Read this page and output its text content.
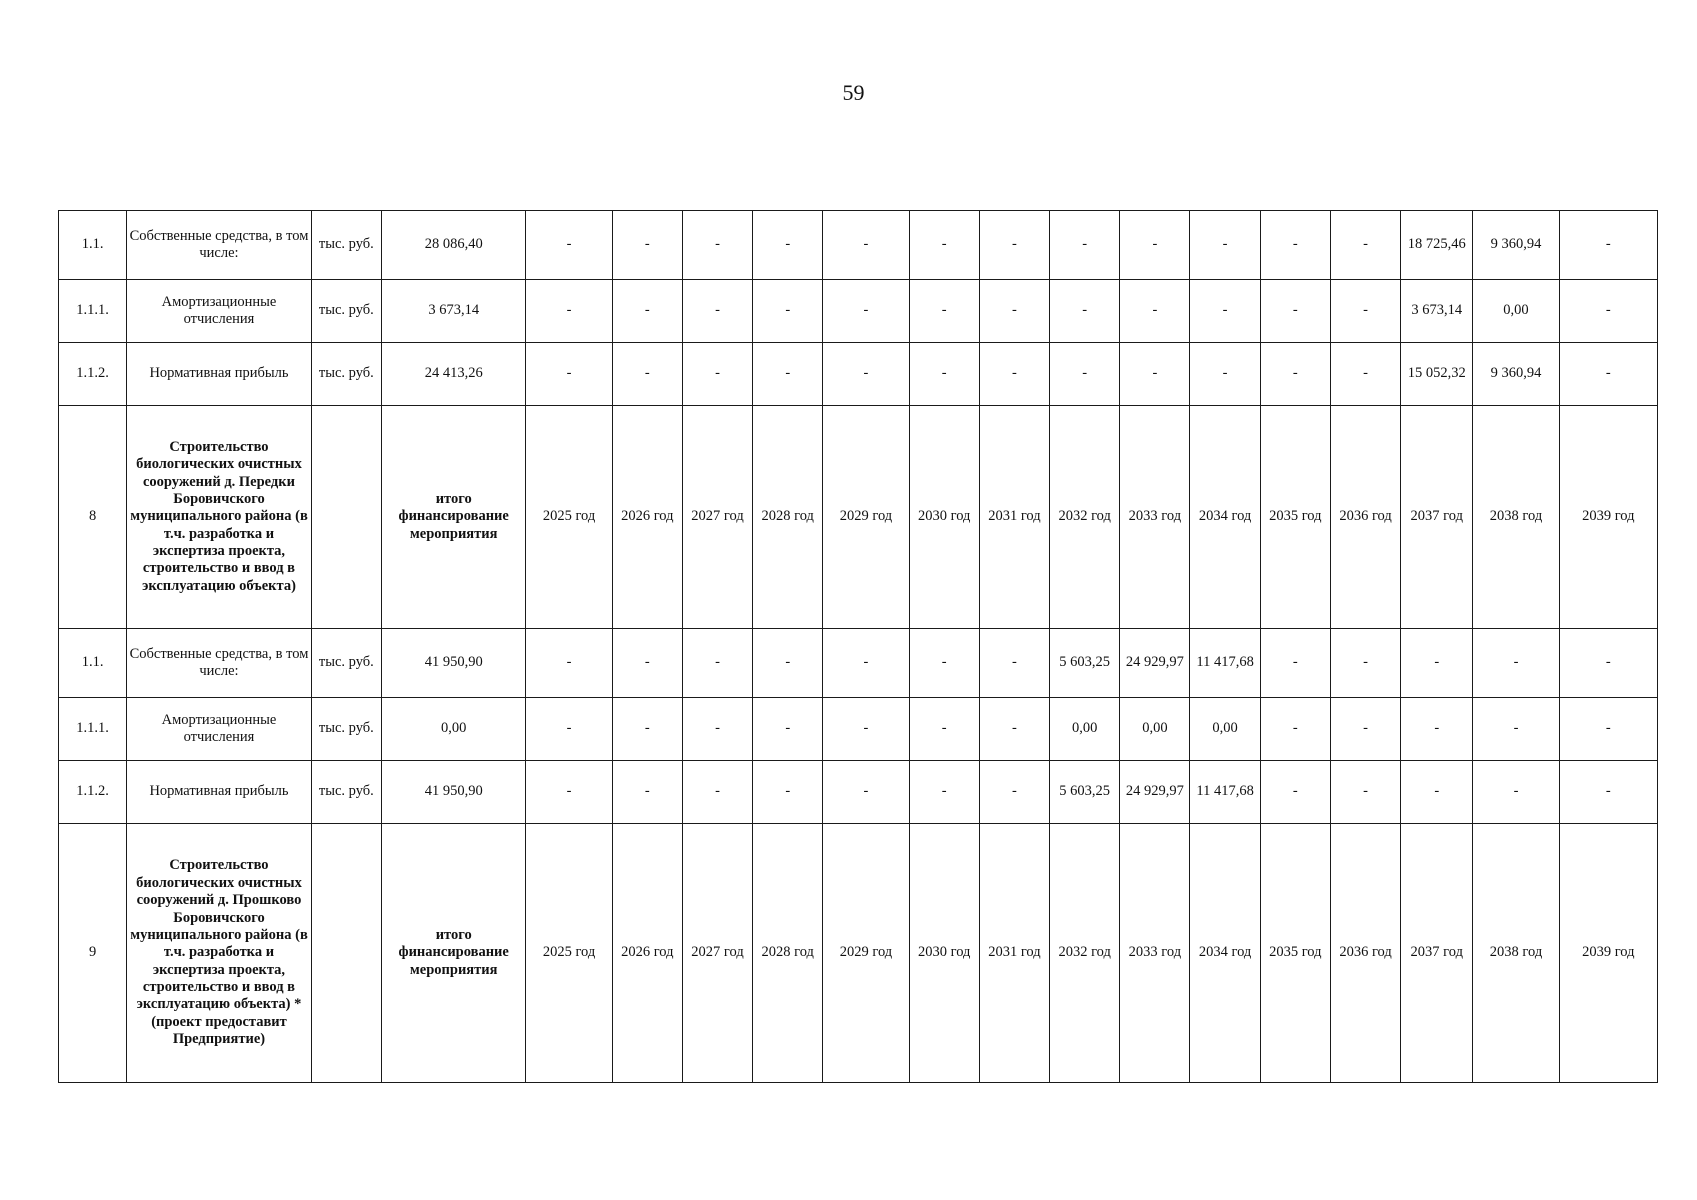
59
1.1.	Собственные средства, в том числе:	тыс. руб.	28 086,40	-	-	-	-	-	-	-	-	-	-	-	-	18 725,46	9 360,94	-
1.1.1.	Амортизационные отчисления	тыс. руб.	3 673,14	-	-	-	-	-	-	-	-	-	-	-	-	3 673,14	0,00	-
1.1.2.	Нормативная прибыль	тыс. руб.	24 413,26	-	-	-	-	-	-	-	-	-	-	-	-	15 052,32	9 360,94	-
8	Строительство биологических очистных сооружений д. Передки Боровичского муниципального района (в т.ч. разработка и экспертиза проекта, строительство и ввод в эксплуатацию объекта)		итого финансирование мероприятия	2025 год	2026 год	2027 год	2028 год	2029 год	2030 год	2031 год	2032 год	2033 год	2034 год	2035 год	2036 год	2037 год	2038 год	2039 год
1.1.	Собственные средства, в том числе:	тыс. руб.	41 950,90	-	-	-	-	-	-	-	5 603,25	24 929,97	11 417,68	-	-	-	-	-
1.1.1.	Амортизационные отчисления	тыс. руб.	0,00	-	-	-	-	-	-	-	0,00	0,00	0,00	-	-	-	-	-
1.1.2.	Нормативная прибыль	тыс. руб.	41 950,90	-	-	-	-	-	-	-	5 603,25	24 929,97	11 417,68	-	-	-	-	-
9	Строительство биологических очистных сооружений д. Прошково Боровичского муниципального района (в т.ч. разработка и экспертиза проекта, строительство и ввод в эксплуатацию объекта) * (проект предоставит Предприятие)		итого финансирование мероприятия	2025 год	2026 год	2027 год	2028 год	2029 год	2030 год	2031 год	2032 год	2033 год	2034 год	2035 год	2036 год	2037 год	2038 год	2039 год
